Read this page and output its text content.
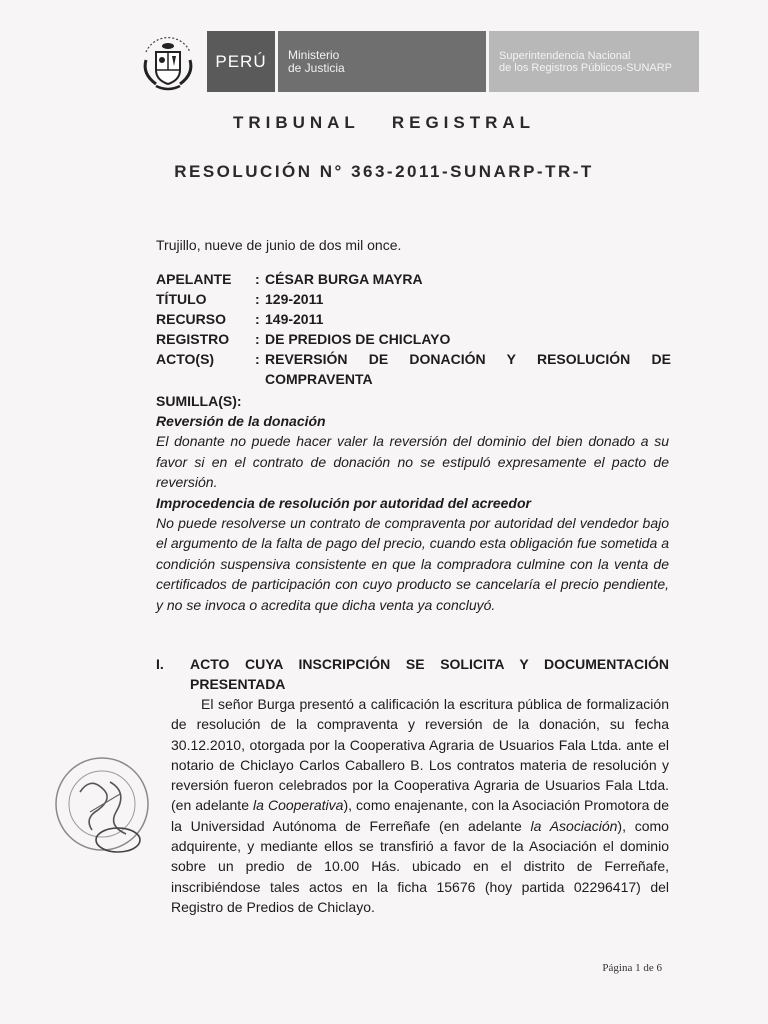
PERÚ Ministerio
de Justicia
Superintendencia Nacional
de los Registros Públicos-SUNARP
TRIBUNAL REGISTRAL
RESOLUCIÓN N° 363-2011-SUNARP-TR-T
Trujillo, nueve de junio de dos mil once.
APELANTE	: CÉSAR BURGA MAYRA
TÍTULO	: 129-2011
RECURSO	: 149-2011
REGISTRO	: DE PREDIOS DE CHICLAYO
ACTO(S)	: REVERSIÓN DE DONACIÓN Y RESOLUCIÓN DE COMPRAVENTA
SUMILLA(S):
Reversión de la donación
El donante no puede hacer valer la reversión del dominio del bien donado a su favor si en el contrato de donación no se estipuló expresamente el pacto de reversión.
Improcedencia de resolución por autoridad del acreedor
No puede resolverse un contrato de compraventa por autoridad del vendedor bajo el argumento de la falta de pago del precio, cuando esta obligación fue sometida a condición suspensiva consistente en que la compradora culmine con la venta de certificados de participación con cuyo producto se cancelaría el precio pendiente, y no se invoca o acredita que dicha venta ya concluyó.
I.	ACTO CUYA INSCRIPCIÓN SE SOLICITA Y DOCUMENTACIÓN PRESENTADA
El señor Burga presentó a calificación la escritura pública de formalización de resolución de la compraventa y reversión de la donación, su fecha 30.12.2010, otorgada por la Cooperativa Agraria de Usuarios Fala Ltda. ante el notario de Chiclayo Carlos Caballero B. Los contratos materia de resolución y reversión fueron celebrados por la Cooperativa Agraria de Usuarios Fala Ltda. (en adelante la Cooperativa), como enajenante, con la Asociación Promotora de la Universidad Autónoma de Ferreñafe (en adelante la Asociación), como adquirente, y mediante ellos se transfirió a favor de la Asociación el dominio sobre un predio de 10.00 Hás. ubicado en el distrito de Ferreñafe, inscribiéndose tales actos en la ficha 15676 (hoy partida 02296417) del Registro de Predios de Chiclayo.
Página 1 de 6
